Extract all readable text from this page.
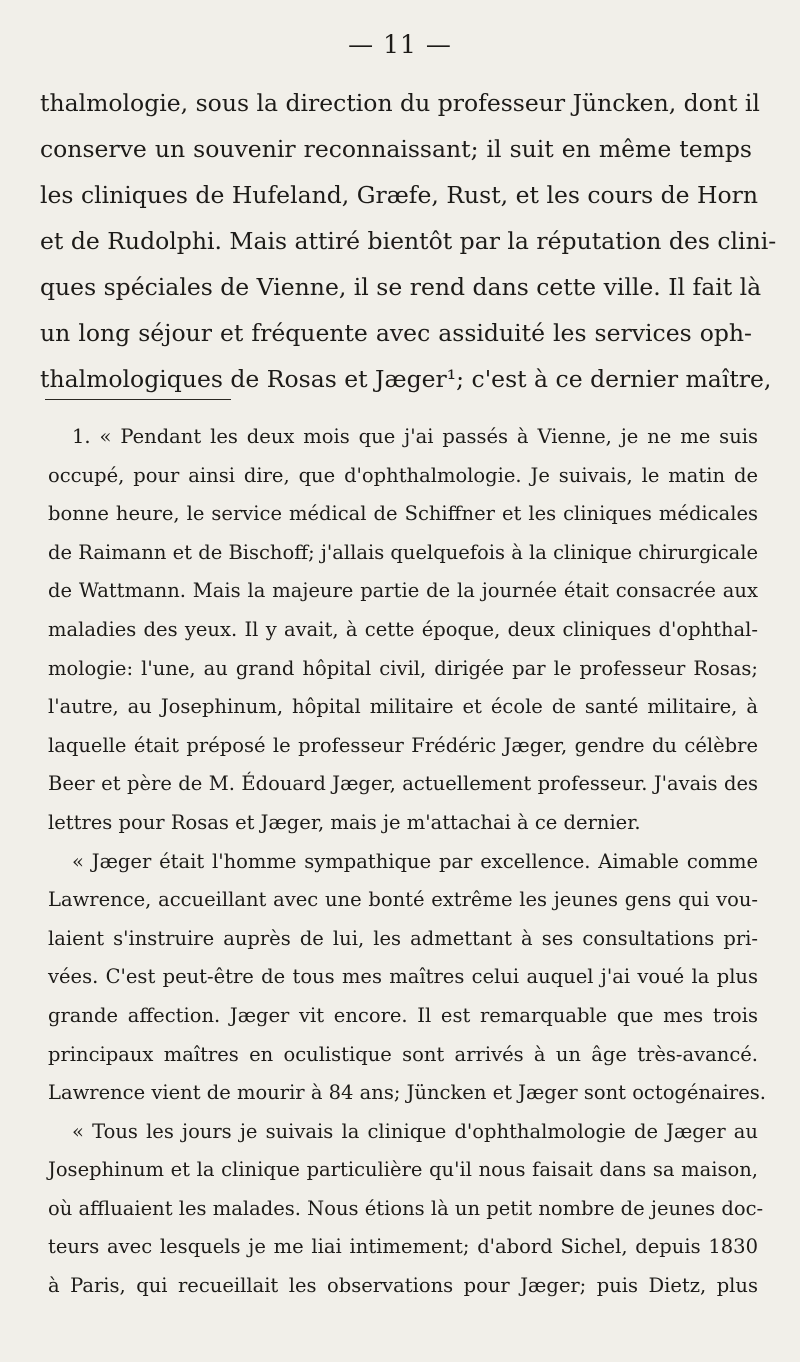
— 11 —
thalmologie, sous la direction du professeur Jüncken, dont il
conserve un souvenir reconnaissant; il suit en même temps
les cliniques de Hufeland, Græfe, Rust, et les cours de Horn
et de Rudolphi. Mais attiré bientôt par la réputation des clini-
ques spéciales de Vienne, il se rend dans cette ville. Il fait là
un long séjour et fréquente avec assiduité les services oph-
thalmologiques de Rosas et Jæger¹; c'est à ce dernier maître,
1. « Pendant les deux mois que j'ai passés à Vienne, je ne me suis
occupé, pour ainsi dire, que d'ophthalmologie. Je suivais, le matin de
bonne heure, le service médical de Schiffner et les cliniques médicales
de Raimann et de Bischoff; j'allais quelquefois à la clinique chirurgicale
de Wattmann. Mais la majeure partie de la journée était consacrée aux
maladies des yeux. Il y avait, à cette époque, deux cliniques d'ophthal-
mologie: l'une, au grand hôpital civil, dirigée par le professeur Rosas;
l'autre, au Josephinum, hôpital militaire et école de santé militaire, à
laquelle était préposé le professeur Frédéric Jæger, gendre du célèbre
Beer et père de M. Édouard Jæger, actuellement professeur. J'avais des
lettres pour Rosas et Jæger, mais je m'attachai à ce dernier.
« Jæger était l'homme sympathique par excellence. Aimable comme
Lawrence, accueillant avec une bonté extrême les jeunes gens qui vou-
laient s'instruire auprès de lui, les admettant à ses consultations pri-
vées. C'est peut-être de tous mes maîtres celui auquel j'ai voué la plus
grande affection. Jæger vit encore. Il est remarquable que mes trois
principaux maîtres en oculistique sont arrivés à un âge très-avancé.
Lawrence vient de mourir à 84 ans; Jüncken et Jæger sont octogénaires.
« Tous les jours je suivais la clinique d'ophthalmologie de Jæger au
Josephinum et la clinique particulière qu'il nous faisait dans sa maison,
où affluaient les malades. Nous étions là un petit nombre de jeunes doc-
teurs avec lesquels je me liai intimement; d'abord Sichel, depuis 1830
à Paris, qui recueillait les observations pour Jæger; puis Dietz, plus
